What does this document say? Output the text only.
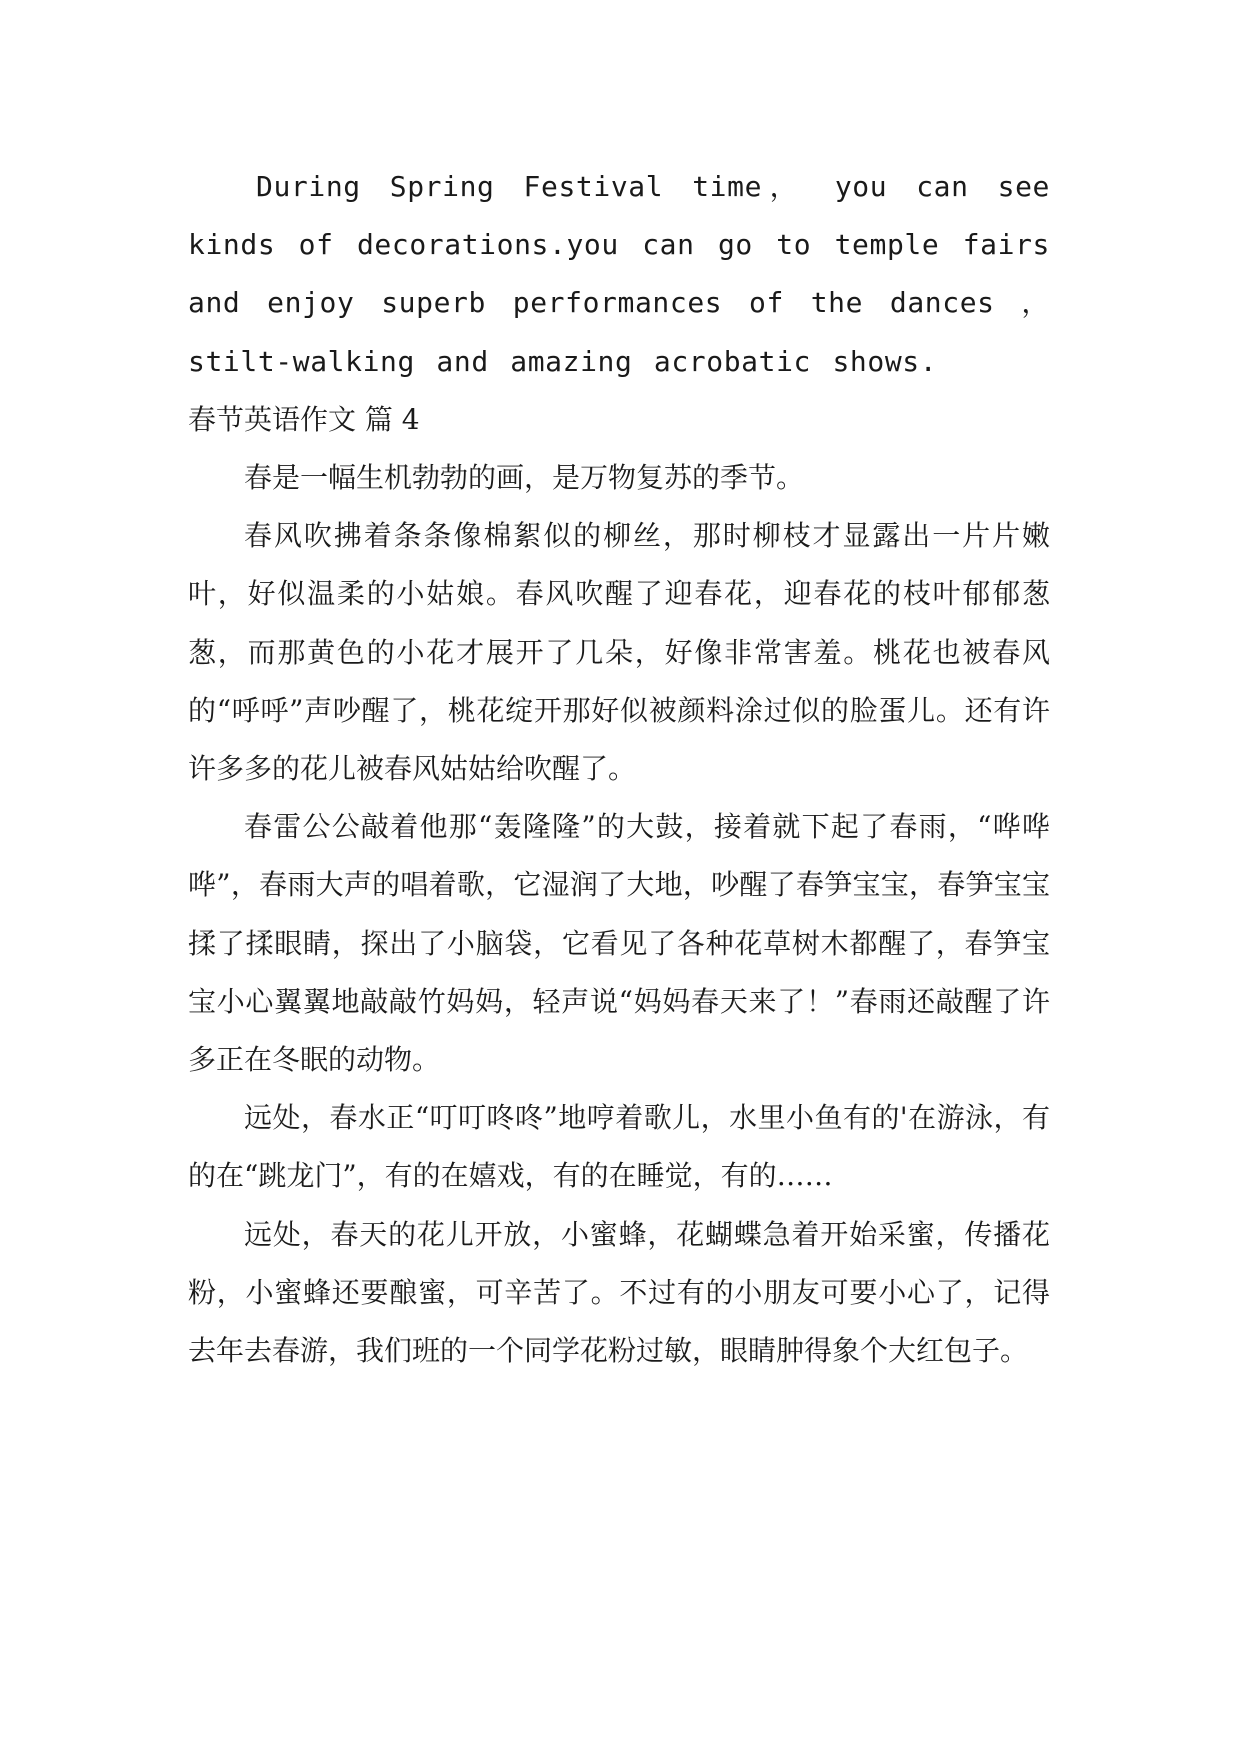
During Spring Festival time， you can see kinds of decorations.you can go to temple fairs and enjoy superb performances of the dances ， stilt-walking and amazing acrobatic shows.

春节英语作文 篇 4

春是一幅生机勃勃的画，是万物复苏的季节。

春风吹拂着条条像棉絮似的柳丝，那时柳枝才显露出一片片嫩叶，好似温柔的小姑娘。春风吹醒了迎春花，迎春花的枝叶郁郁葱葱，而那黄色的小花才展开了几朵，好像非常害羞。桃花也被春风的“呼呼”声吵醒了，桃花绽开那好似被颜料涂过似的脸蛋儿。还有许许多多的花儿被春风姑姑给吹醒了。

春雷公公敲着他那“轰隆隆”的大鼓，接着就下起了春雨，“哗哗哗”，春雨大声的唱着歌，它湿润了大地，吵醒了春笋宝宝，春笋宝宝揉了揉眼睛，探出了小脑袋，它看见了各种花草树木都醒了，春笋宝宝小心翼翼地敲敲竹妈妈，轻声说“妈妈春天来了！”春雨还敲醒了许多正在冬眠的动物。

远处，春水正“叮叮咚咚”地哼着歌儿，水里小鱼有的'在游泳，有的在“跳龙门”，有的在嬉戏，有的在睡觉，有的……

远处，春天的花儿开放，小蜜蜂，花蝴蝶急着开始采蜜，传播花粉，小蜜蜂还要酿蜜，可辛苦了。不过有的小朋友可要小心了，记得去年去春游，我们班的一个同学花粉过敏，眼睛肿得象个大红包子。
